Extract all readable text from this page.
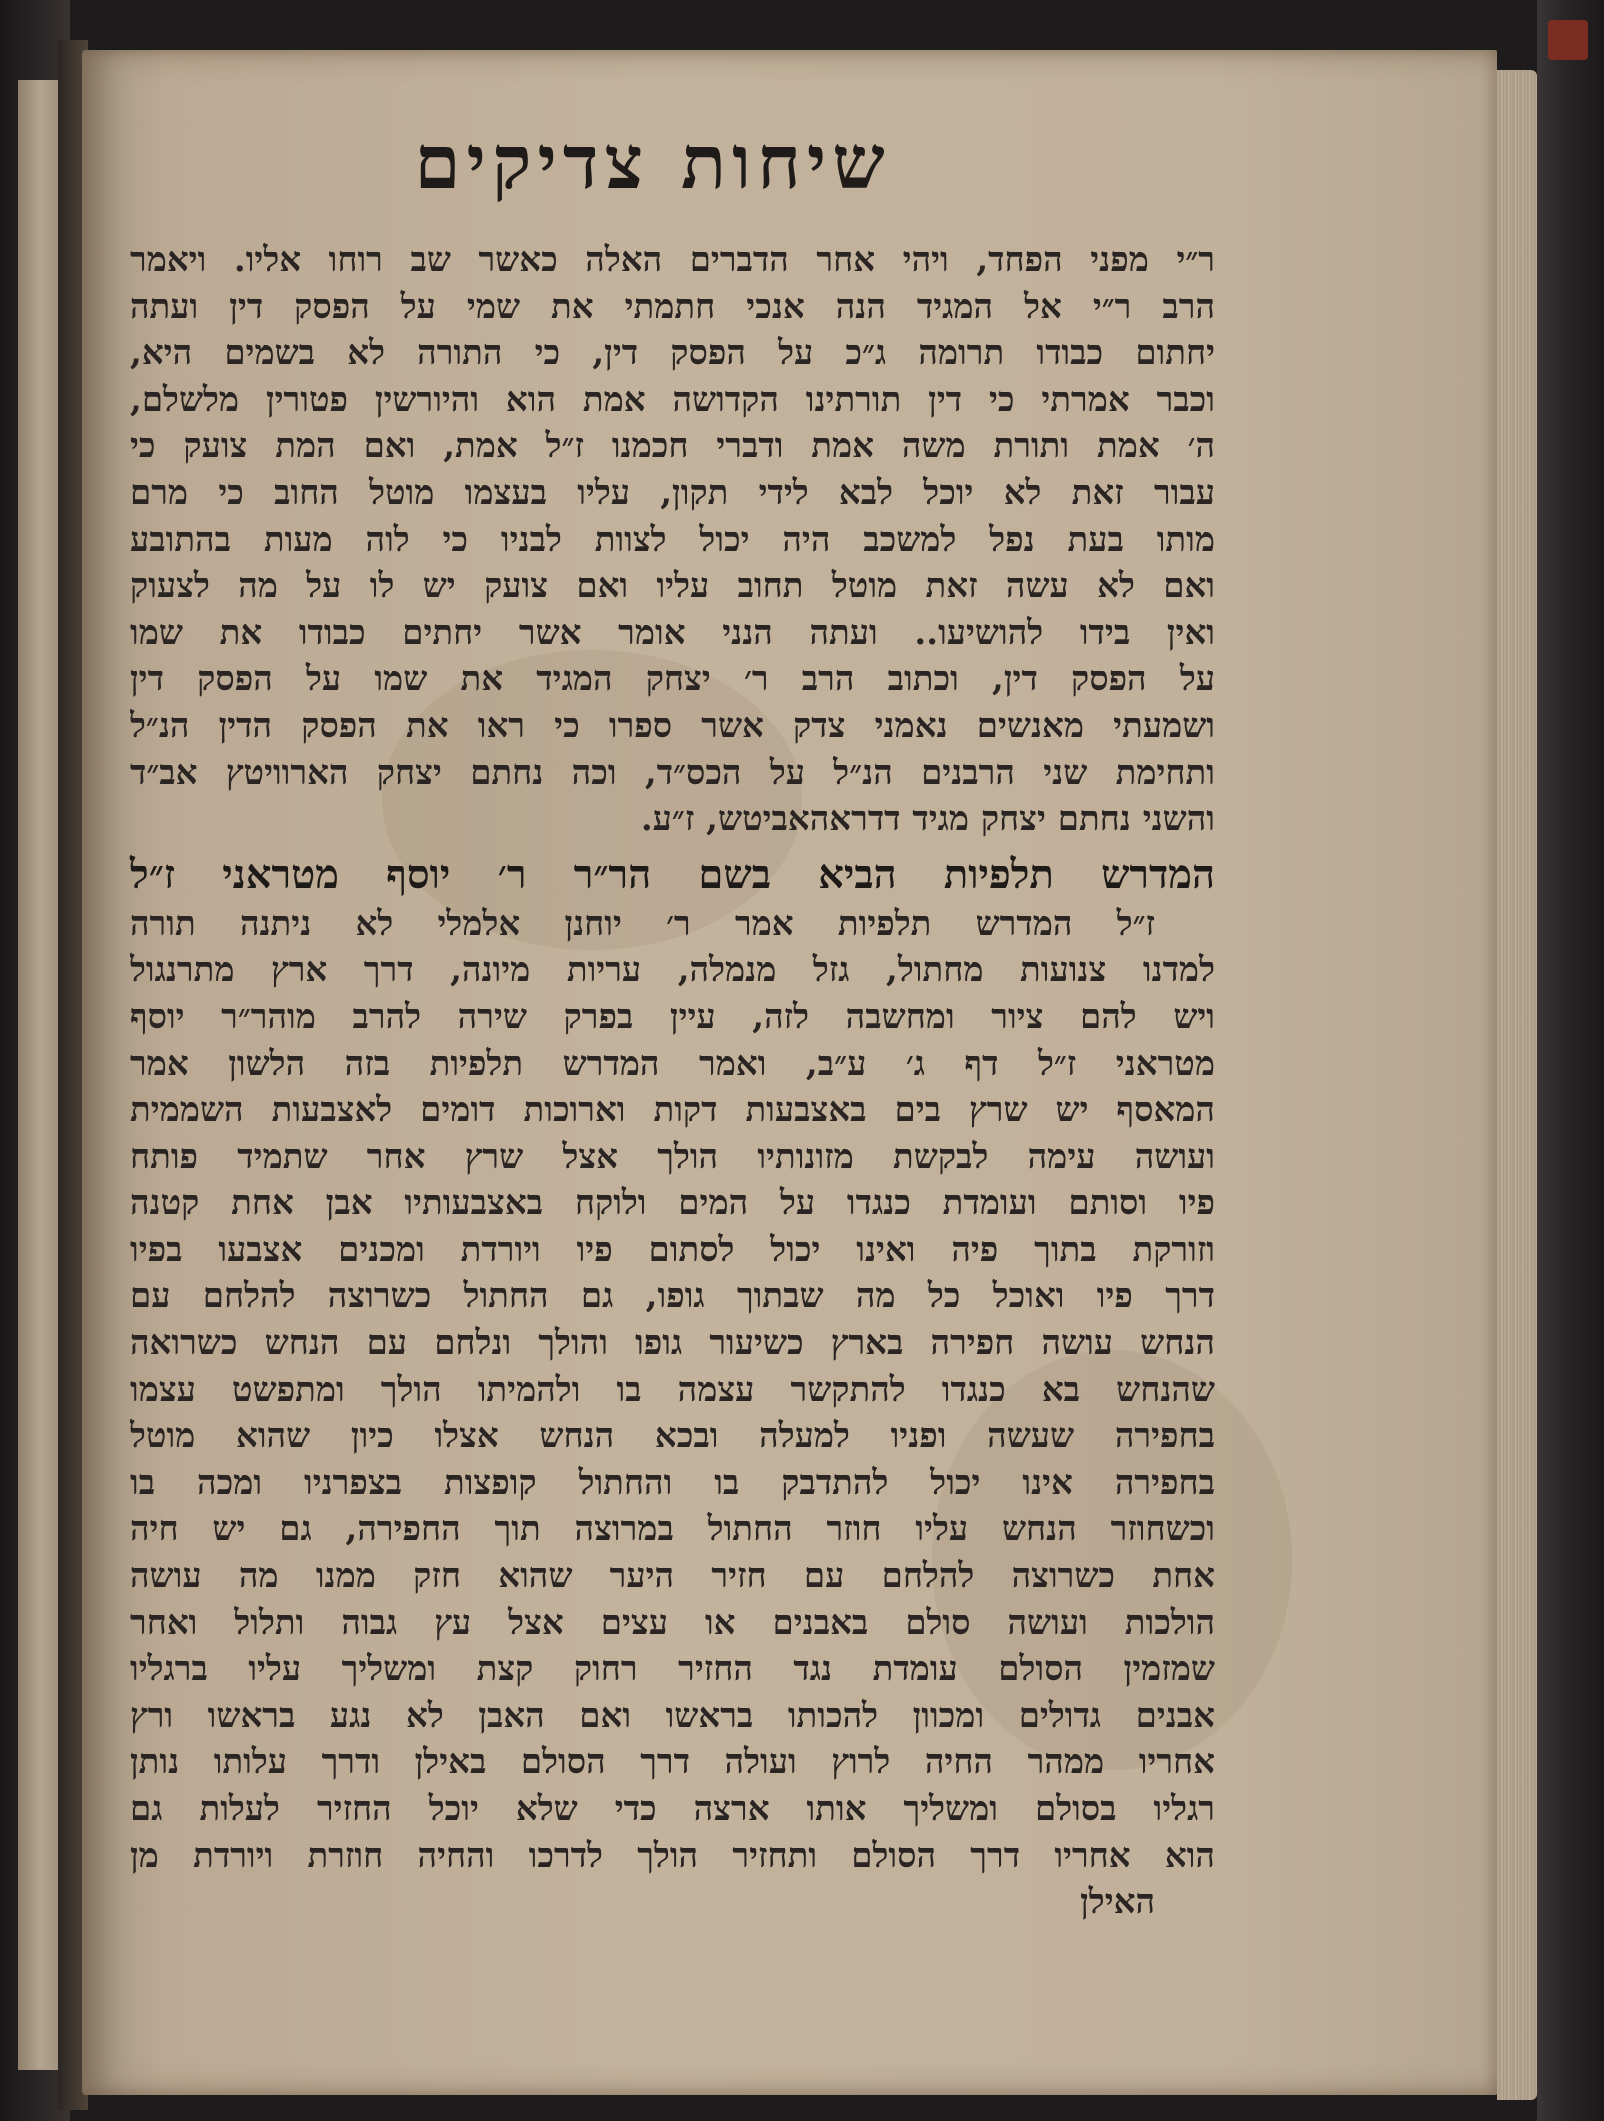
שיחות צדיקים
ר״י מפני הפחד, ויהי אחר הדברים האלה כאשר שב רוחו אליו. ויאמר
הרב ר״י אל המגיד הנה אנכי חתמתי את שמי על הפסק דין ועתה
יחתום כבודו תרומה ג״כ על הפסק דין, כי התורה לא בשמים היא,
וכבר אמרתי כי דין תורתינו הקדושה אמת הוא והיורשין פטורין מלשלם,
ה׳ אמת ותורת משה אמת ודברי חכמנו ז״ל אמת, ואם המת צועק כי
עבור זאת לא יוכל לבא לידי תקון, עליו בעצמו מוטל החוב כי מרם
מותו בעת נפל למשכב היה יכול לצוות לבניו כי לוה מעות בהתובע
ואם לא עשה זאת מוטל תחוב עליו ואם צועק יש לו על מה לצעוק
ואין בידו להושיעו.. ועתה הנני אומר אשר יחתים כבודו את שמו
על הפסק דין, וכתוב הרב ר׳ יצחק המגיד את שמו על הפסק דין
ושמעתי מאנשים נאמני צדק אשר ספרו כי ראו את הפסק הדין הנ״ל
ותחימת שני הרבנים הנ״ל על הכס״ד, וכה נחתם יצחק הארוויטץ אב״ד
והשני נחתם יצחק מגיד דדראהאביטש, ז״ע.
המדרש תלפיות הביא בשם הר״ר ר׳ יוסף מטראני ז״ל
ז״ל המדרש תלפיות אמר ר׳ יוחנן אלמלי לא ניתנה תורה
למדנו צנועות מחתול, גזל מנמלה, עריות מיונה, דרך ארץ מתרנגול
ויש להם ציור ומחשבה לזה, עיין בפרק שירה להרב מוהר״ר יוסף
מטראני ז״ל דף ג׳ ע״ב, ואמר המדרש תלפיות בזה הלשון אמר
המאסף יש שרץ בים באצבעות דקות וארוכות דומים לאצבעות השממית
ועושה עימה לבקשת מזונותיו הולך אצל שרץ אחר שתמיד פותח
פיו וסותם ועומדת כנגדו על המים ולוקח באצבעותיו אבן אחת קטנה
וזורקת בתוך פיה ואינו יכול לסתום פיו ויורדת ומכנים אצבעו בפיו
דרך פיו ואוכל כל מה שבתוך גופו, גם החתול כשרוצה להלחם עם
הנחש עושה חפירה בארץ כשיעור גופו והולך ונלחם עם הנחש כשרואה
שהנחש בא כנגדו להתקשר עצמה בו ולהמיתו הולך ומתפשט עצמו
בחפירה שעשה ופניו למעלה ובכא הנחש אצלו כיון שהוא מוטל
בחפירה אינו יכול להתדבק בו והחתול קופצות בצפרניו ומכה בו
וכשחוזר הנחש עליו חוזר החתול במרוצה תוך החפירה, גם יש חיה
אחת כשרוצה להלחם עם חזיר היער שהוא חזק ממנו מה עושה
הולכות ועושה סולם באבנים או עצים אצל עץ גבוה ותלול ואחר
שמזמין הסולם עומדת נגד החזיר רחוק קצת ומשליך עליו ברגליו
אבנים גדולים ומכוון להכותו בראשו ואם האבן לא נגע בראשו ורץ
אחריו ממהר החיה לרוץ ועולה דרך הסולם באילן ודרך עלותו נותן
רגליו בסולם ומשליך אותו ארצה כדי שלא יוכל החזיר לעלות גם
הוא אחריו דרך הסולם ותחזיר הולך לדרכו והחיה חוזרת ויורדת מן
האילן
